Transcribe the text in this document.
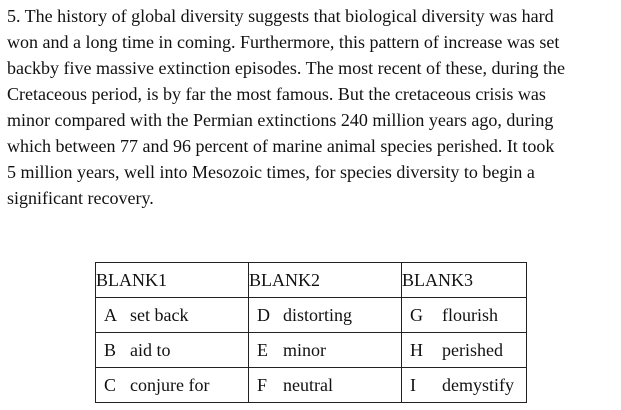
5. The history of global diversity suggests that biological diversity was hard
won and a long time in coming. Furthermore, this pattern of increase was set
backby five massive extinction episodes. The most recent of these, during the
Cretaceous period, is by far the most famous. But the cretaceous crisis was
minor compared with the Permian extinctions 240 million years ago, during
which between 77 and 96 percent of marine animal species perished. It took
5 million years, well into Mesozoic times, for species diversity to begin a
significant recovery.
BLANK1	BLANK2	BLANK3

A set back	D distorting	G flourish

B aid to	E minor	H perished

C conjure for	F neutral	I demystify
